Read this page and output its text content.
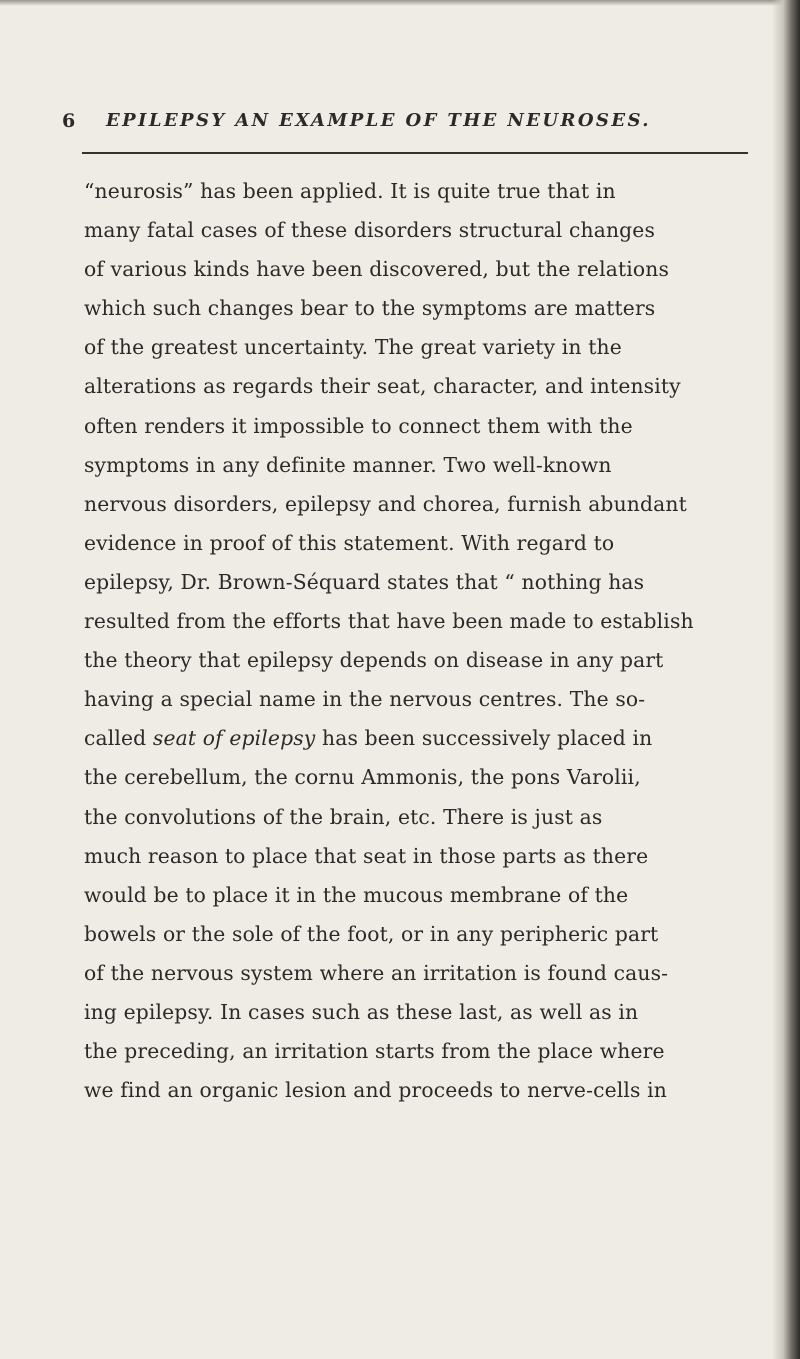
6 EPILEPSY AN EXAMPLE OF THE NEUROSES.
“neurosis” has been applied. It is quite true that in
many fatal cases of these disorders structural changes
of various kinds have been discovered, but the relations
which such changes bear to the symptoms are matters
of the greatest uncertainty. The great variety in the
alterations as regards their seat, character, and intensity
often renders it impossible to connect them with the
symptoms in any definite manner. Two well-known
nervous disorders, epilepsy and chorea, furnish abundant
evidence in proof of this statement. With regard to
epilepsy, Dr. Brown-Séquard states that “ nothing has
resulted from the efforts that have been made to establish
the theory that epilepsy depends on disease in any part
having a special name in the nervous centres. The so-
called seat of epilepsy has been successively placed in
the cerebellum, the cornu Ammonis, the pons Varolii,
the convolutions of the brain, etc. There is just as
much reason to place that seat in those parts as there
would be to place it in the mucous membrane of the
bowels or the sole of the foot, or in any peripheric part
of the nervous system where an irritation is found caus-
ing epilepsy. In cases such as these last, as well as in
the preceding, an irritation starts from the place where
we find an organic lesion and proceeds to nerve-cells in
